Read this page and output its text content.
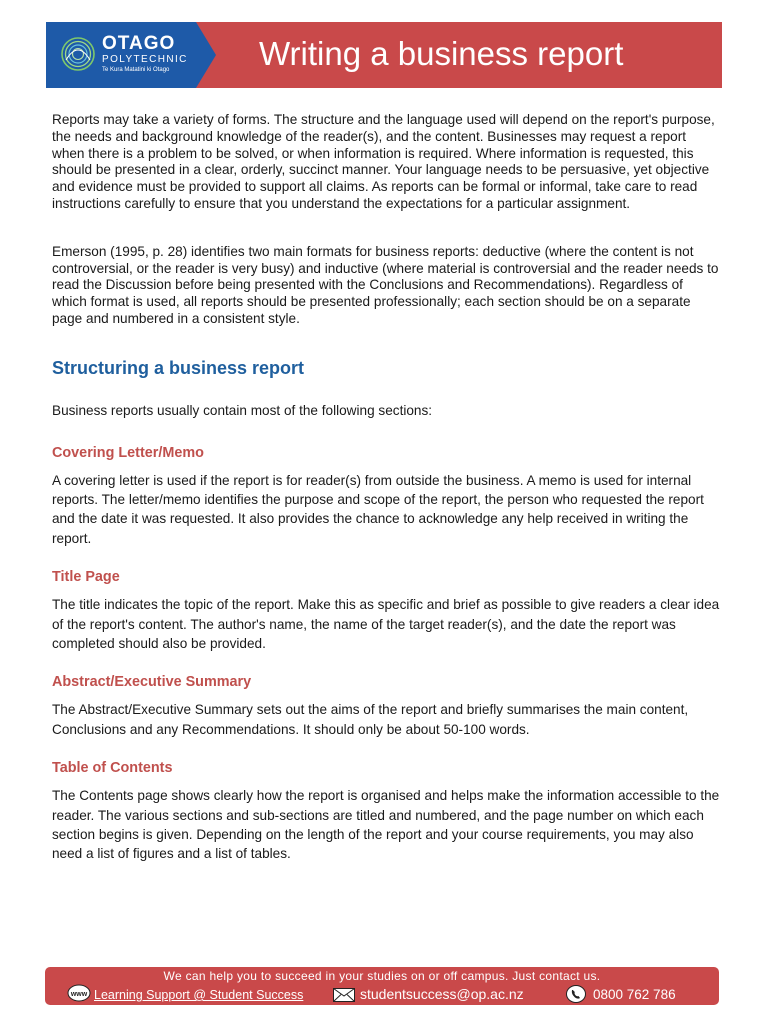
OTAGO
POLYTECHNIC
Te Kura Matatini ki Otago	Writing a business report

Reports may take a variety of forms. The structure and the language used will depend on the report's purpose, the needs and background knowledge of the reader(s), and the content. Businesses may request a report when there is a problem to be solved, or when information is required. Where information is requested, this should be presented in a clear, orderly, succinct manner. Your language needs to be persuasive, yet objective and evidence must be provided to support all claims. As reports can be formal or informal, take care to read instructions carefully to ensure that you understand the expectations for a particular assignment.

Emerson (1995, p. 28) identifies two main formats for business reports: deductive (where the content is not controversial, or the reader is very busy) and inductive (where material is controversial and the reader needs to read the Discussion before being presented with the Conclusions and Recommendations). Regardless of which format is used, all reports should be presented professionally; each section should be on a separate page and numbered in a consistent style.

Structuring a business report

Business reports usually contain most of the following sections:

Covering Letter/Memo

A covering letter is used if the report is for reader(s) from outside the business. A memo is used for internal reports. The letter/memo identifies the purpose and scope of the report, the person who requested the report and the date it was requested. It also provides the chance to acknowledge any help received in writing the report.

Title Page

The title indicates the topic of the report. Make this as specific and brief as possible to give readers a clear idea of the report's content. The author's name, the name of the target reader(s), and the date the report was completed should also be provided.

Abstract/Executive Summary

The Abstract/Executive Summary sets out the aims of the report and briefly summarises the main content, Conclusions and any Recommendations. It should only be about 50-100 words.

Table of Contents

The Contents page shows clearly how the report is organised and helps make the information accessible to the reader. The various sections and sub-sections are titled and numbered, and the page number on which each section begins is given. Depending on the length of the report and your course requirements, you may also need a list of figures and a list of tables.

We can help you to succeed in your studies on or off campus. Just contact us.
www Learning Support @ Student Success	studentsuccess@op.ac.nz	0800 762 786
